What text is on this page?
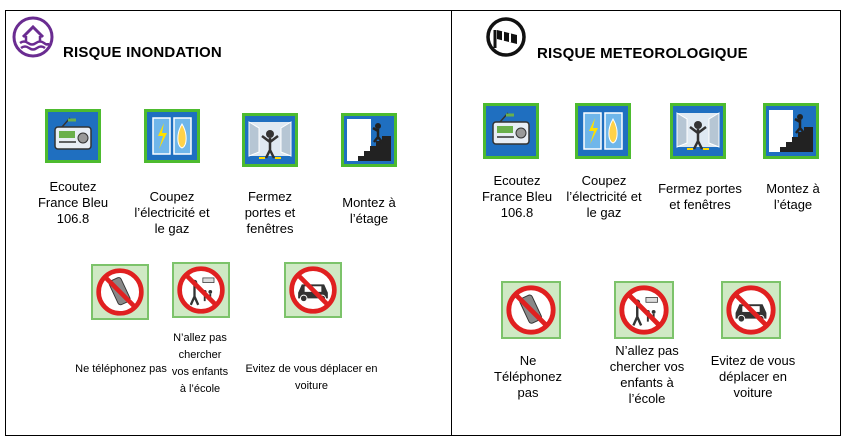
RISQUE INONDATION
Ecoutez France Bleu 106.8
Coupez l’électricité et le gaz
Fermez portes et fenêtres
Montez à l’étage
Ne téléphonez pas
N’allez pas chercher vos enfants à l’école
Evitez de vous déplacer en voiture
RISQUE METEOROLOGIQUE
Ecoutez France Bleu 106.8
Coupez l’électricité et le gaz
Fermez portes et fenêtres
Montez à l’étage
Ne Téléphonez pas
N’allez pas chercher vos enfants à l’école
Evitez de vous déplacer en voiture
